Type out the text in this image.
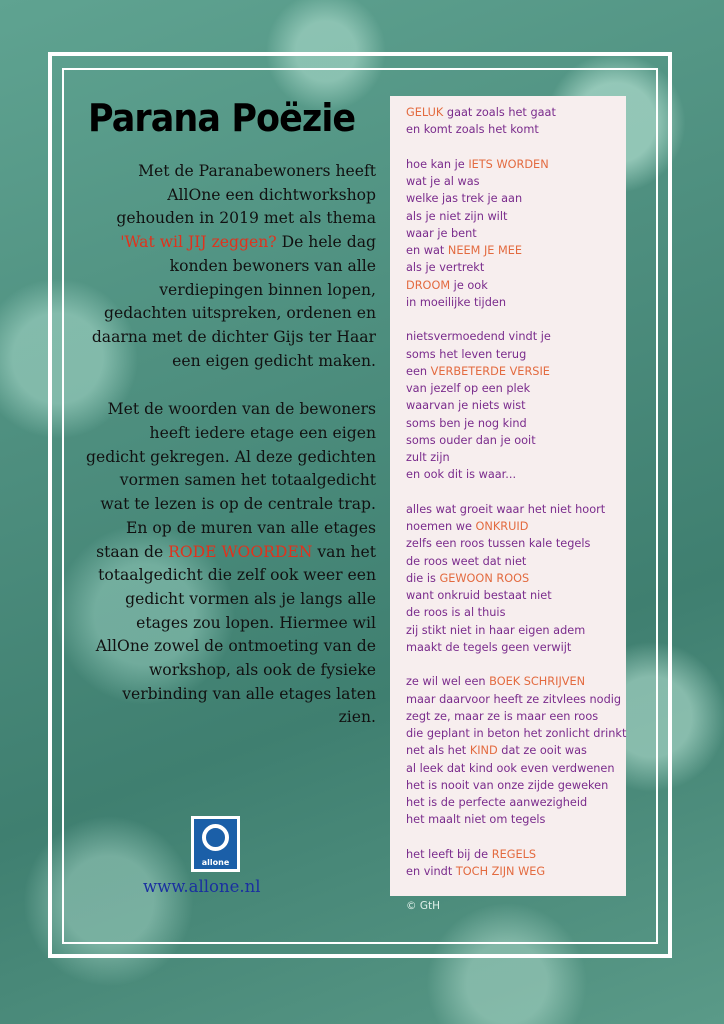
Parana Poëzie

Met de Paranabewoners heeft AllOne een dichtworkshop gehouden in 2019 met als thema 'Wat wil JIJ zeggen? De hele dag konden bewoners van alle verdiepingen binnen lopen, gedachten uitspreken, ordenen en daarna met de dichter Gijs ter Haar een eigen gedicht maken.

Met de woorden van de bewoners heeft iedere etage een eigen gedicht gekregen. Al deze gedichten vormen samen het totaalgedicht wat te lezen is op de centrale trap. En op de muren van alle etages staan de RODE WOORDEN van het totaalgedicht die zelf ook weer een gedicht vormen als je langs alle etages zou lopen. Hiermee wil AllOne zowel de ontmoeting van de workshop, als ook de fysieke verbinding van alle etages laten zien.

allone
www.allone.nl
GELUK gaat zoals het gaat
en komt zoals het komt
hoe kan je IETS WORDEN
wat je al was
welke jas trek je aan
als je niet zijn wilt
waar je bent
en wat NEEM JE MEE
als je vertrekt
DROOM je ook
in moeilijke tijden
nietsvermoedend vindt je
soms het leven terug
een VERBETERDE VERSIE
van jezelf op een plek
waarvan je niets wist
soms ben je nog kind
soms ouder dan je ooit
zult zijn
en ook dit is waar...
alles wat groeit waar het niet hoort
noemen we ONKRUID
zelfs een roos tussen kale tegels
de roos weet dat niet
die is GEWOON ROOS
want onkruid bestaat niet
de roos is al thuis
zij stikt niet in haar eigen adem
maakt de tegels geen verwijt
ze wil wel een BOEK SCHRIJVEN
maar daarvoor heeft ze zitvlees nodig
zegt ze, maar ze is maar een roos
die geplant in beton het zonlicht drinkt
net als het KIND dat ze ooit was
al leek dat kind ook even verdwenen
het is nooit van onze zijde geweken
het is de perfecte aanwezigheid
het maalt niet om tegels
het leeft bij de REGELS
en vindt TOCH ZIJN WEG
© GtH
